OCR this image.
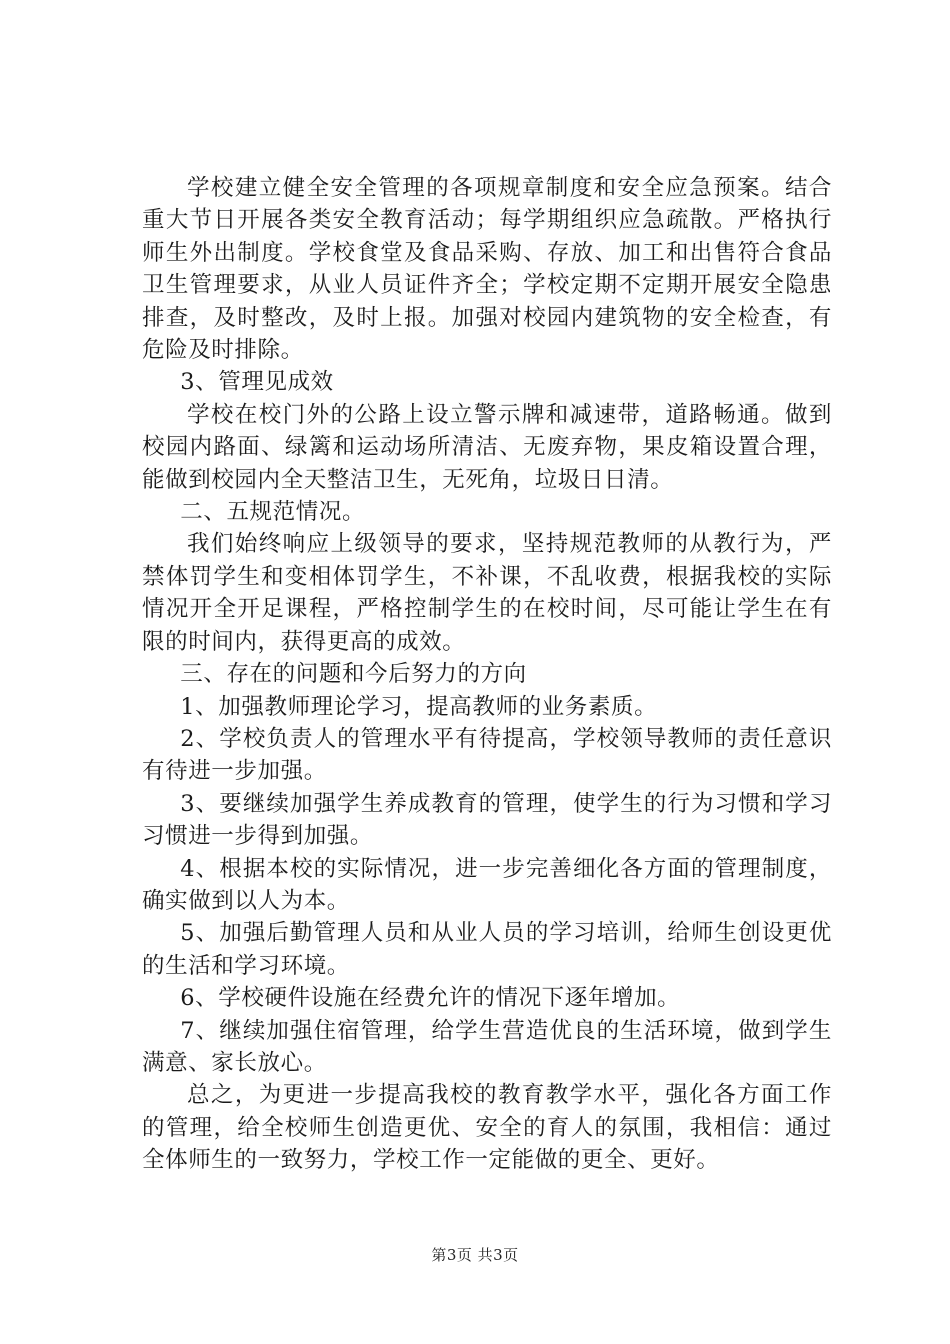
学校建立健全安全管理的各项规章制度和安全应急预案。结合重大节日开展各类安全教育活动；每学期组织应急疏散。严格执行师生外出制度。学校食堂及食品采购、存放、加工和出售符合食品卫生管理要求，从业人员证件齐全；学校定期不定期开展安全隐患排查，及时整改，及时上报。加强对校园内建筑物的安全检查，有危险及时排除。

3、管理见成效

学校在校门外的公路上设立警示牌和减速带，道路畅通。做到校园内路面、绿篱和运动场所清洁、无废弃物，果皮箱设置合理，能做到校园内全天整洁卫生，无死角，垃圾日日清。

二、五规范情况。

我们始终响应上级领导的要求，坚持规范教师的从教行为，严禁体罚学生和变相体罚学生，不补课，不乱收费，根据我校的实际情况开全开足课程，严格控制学生的在校时间，尽可能让学生在有限的时间内，获得更高的成效。

三、存在的问题和今后努力的方向

1、加强教师理论学习，提高教师的业务素质。

2、学校负责人的管理水平有待提高，学校领导教师的责任意识有待进一步加强。

3、要继续加强学生养成教育的管理，使学生的行为习惯和学习习惯进一步得到加强。

4、根据本校的实际情况，进一步完善细化各方面的管理制度，确实做到以人为本。

5、加强后勤管理人员和从业人员的学习培训，给师生创设更优的生活和学习环境。

6、学校硬件设施在经费允许的情况下逐年增加。

7、继续加强住宿管理，给学生营造优良的生活环境，做到学生满意、家长放心。

总之，为更进一步提高我校的教育教学水平，强化各方面工作的管理，给全校师生创造更优、安全的育人的氛围，我相信：通过全体师生的一致努力，学校工作一定能做的更全、更好。

第3页 共3页
